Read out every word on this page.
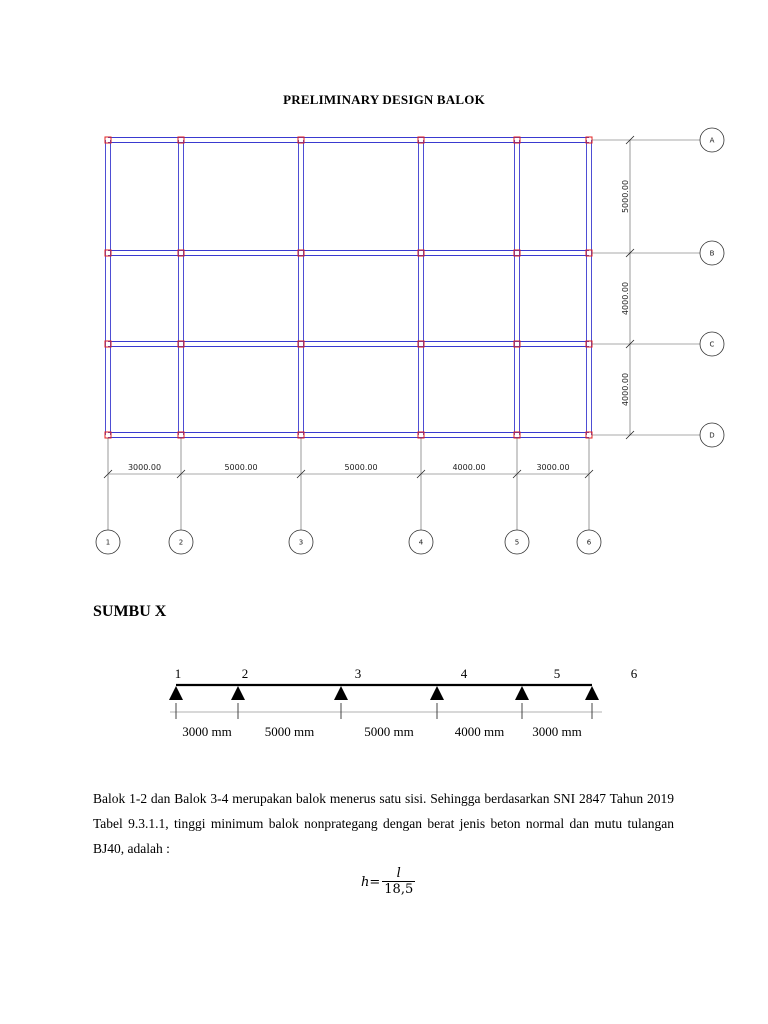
PRELIMINARY DESIGN BALOK
A
B
C
D
5000.00
4000.00
4000.00
3000.00	5000.00	5000.00	4000.00	3000.00
1	2	3	4	5	6
SUMBU X
1	2	3	4	5	6
3000 mm	5000 mm	5000 mm	4000 mm 3000 mm
Balok 1-2 dan Balok 3-4 merupakan balok menerus satu sisi. Sehingga berdasarkan SNI 2847 Tahun 2019 Tabel 9.3.1.1, tinggi minimum balok nonprategang dengan berat jenis beton normal dan mutu tulangan BJ40, adalah :
$h = \frac{l}{18,5}$
